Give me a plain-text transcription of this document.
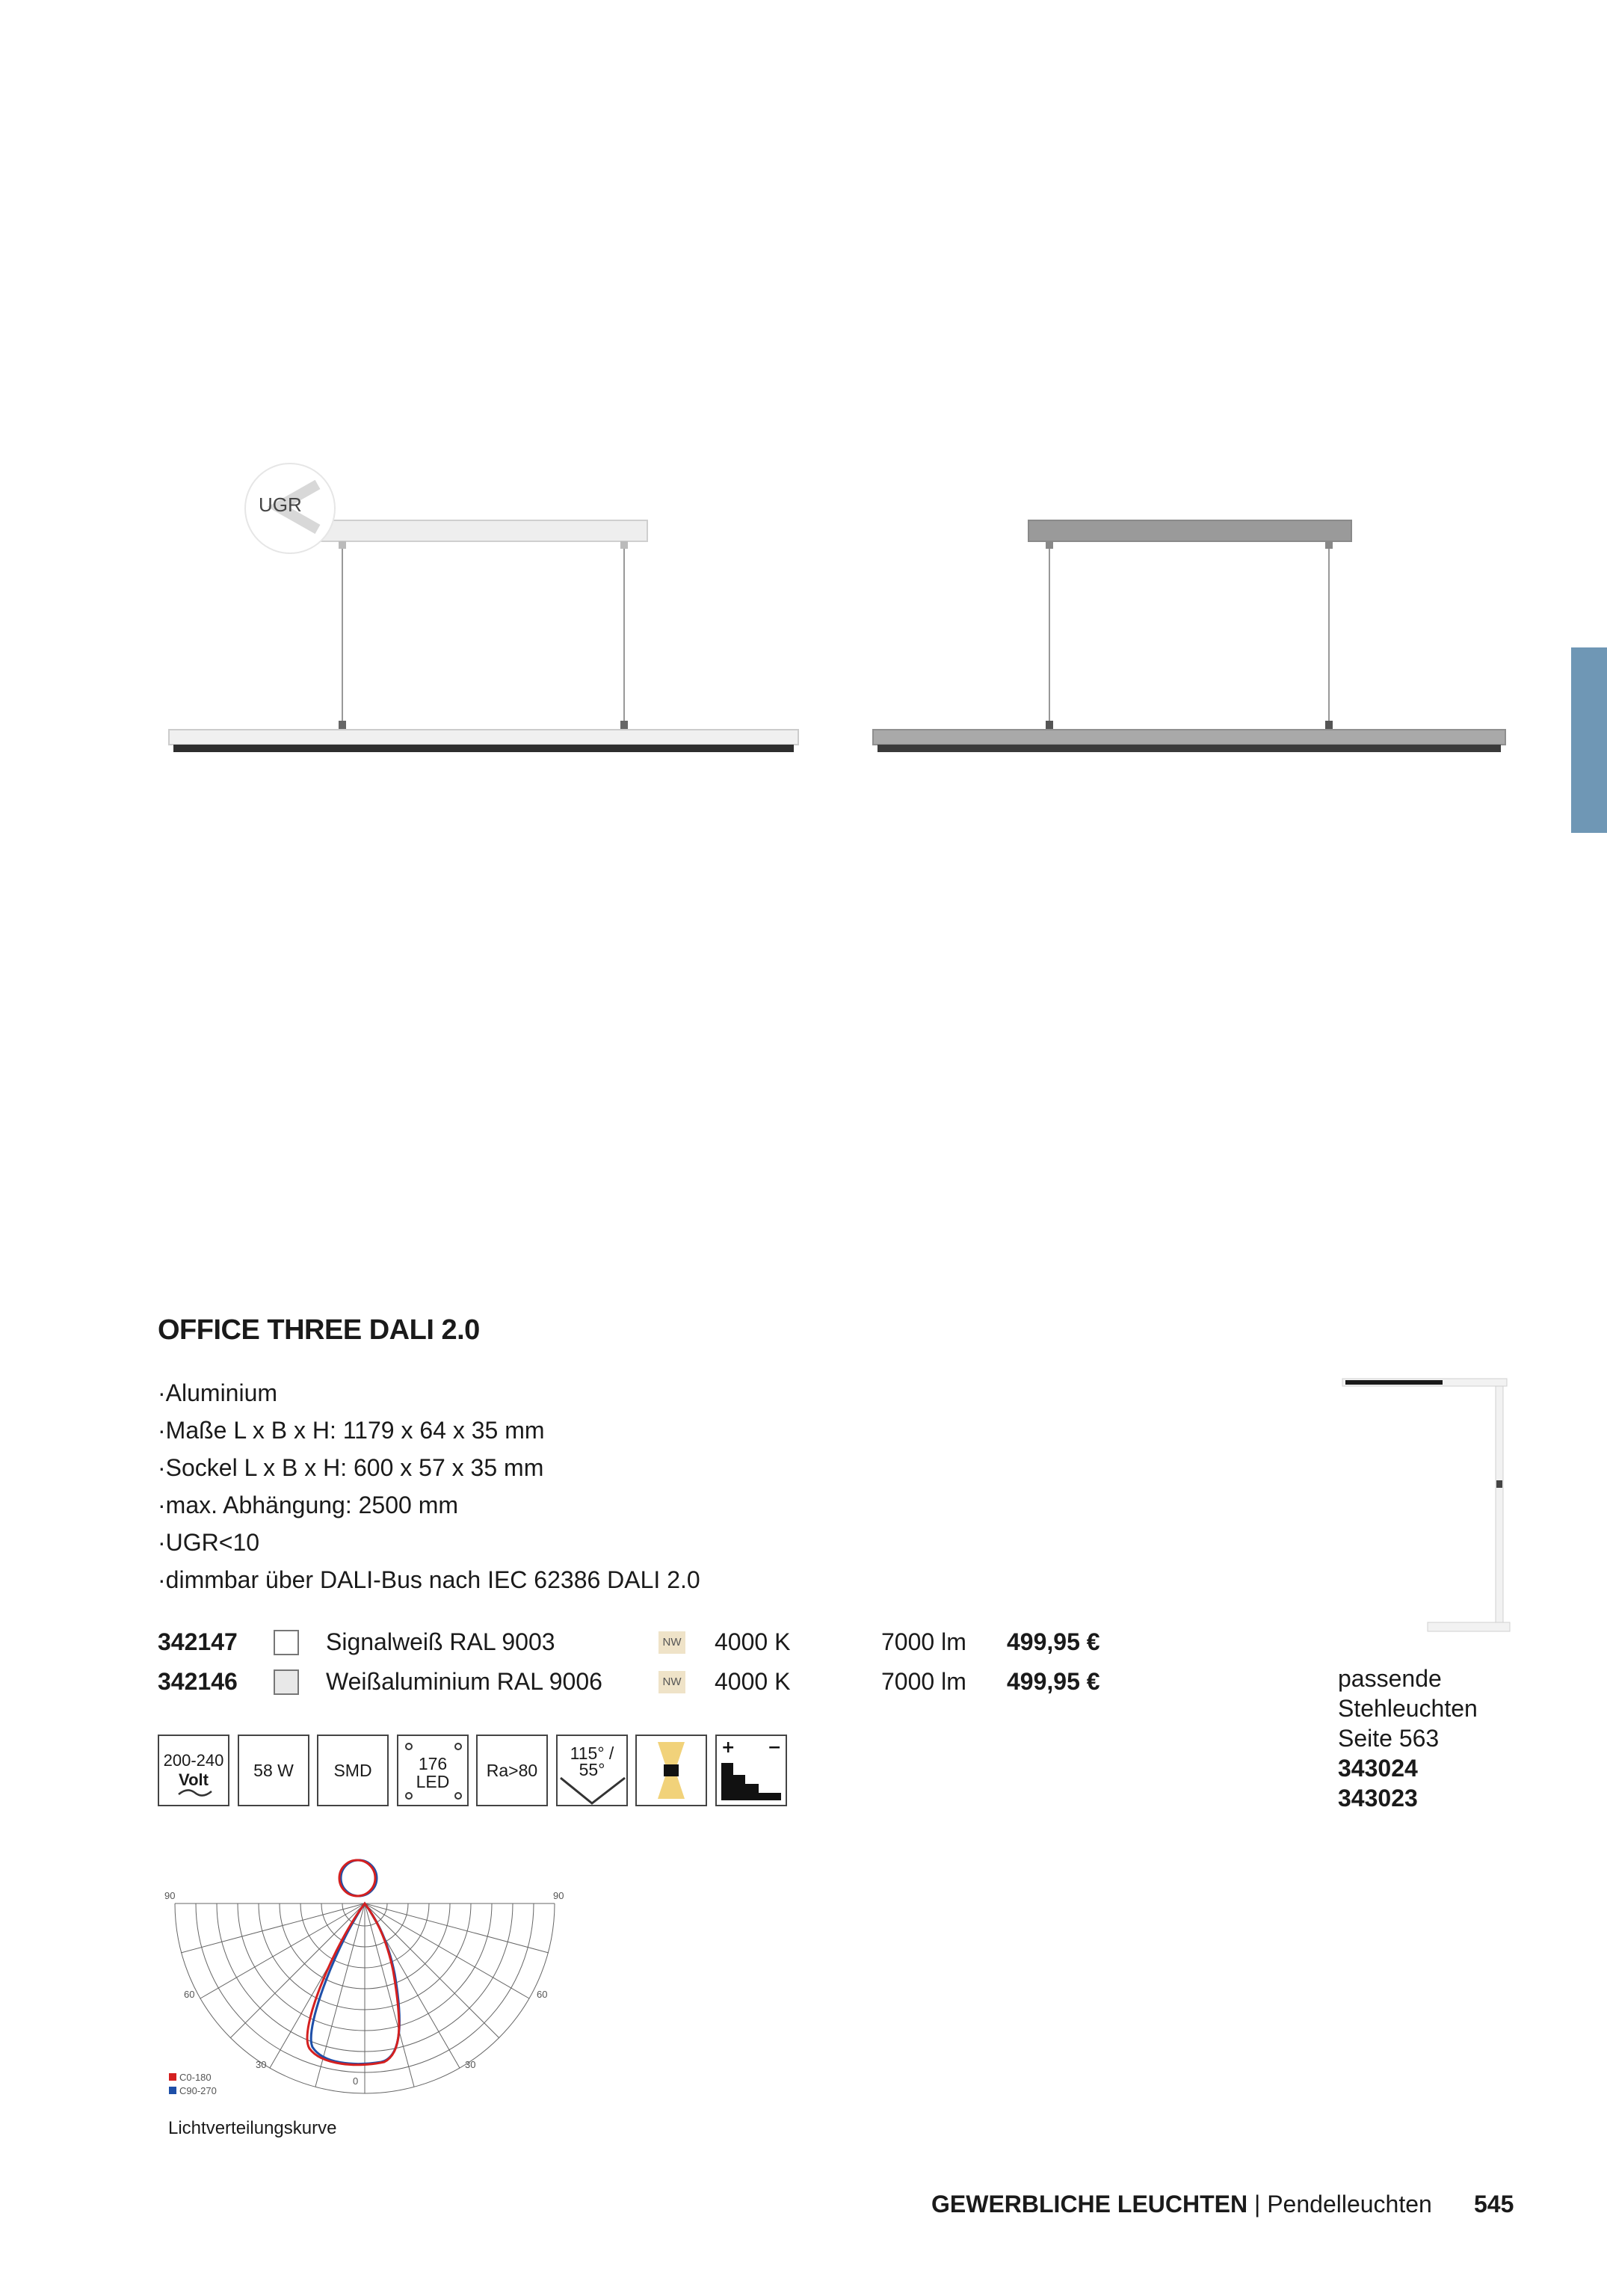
UGR
OFFICE THREE DALI 2.0
· Aluminium
· Maße L x B x H: 1179 x 64 x 35 mm
· Sockel L x B x H: 600 x 57 x 35 mm
· max. Abhängung: 2500 mm
· UGR<10
· dimmbar über DALI-Bus nach IEC 62386 DALI 2.0
342147	Signalweiß RAL 9003	NW 4000 K	7000 lm 499,95 €
342146	Weißaluminium RAL 9006	NW 4000 K	7000 lm 499,95 €
200-240
Volt	58 W	SMD	176
LED
Ra>80
115° /
55°
+ −
90	90
60	60
30	30
0
C0-180
C90-270
Lichtverteilungskurve
passende
Stehleuchten
Seite 563
343024
343023
GEWERBLICHE LEUCHTEN | Pendelleuchten 545
